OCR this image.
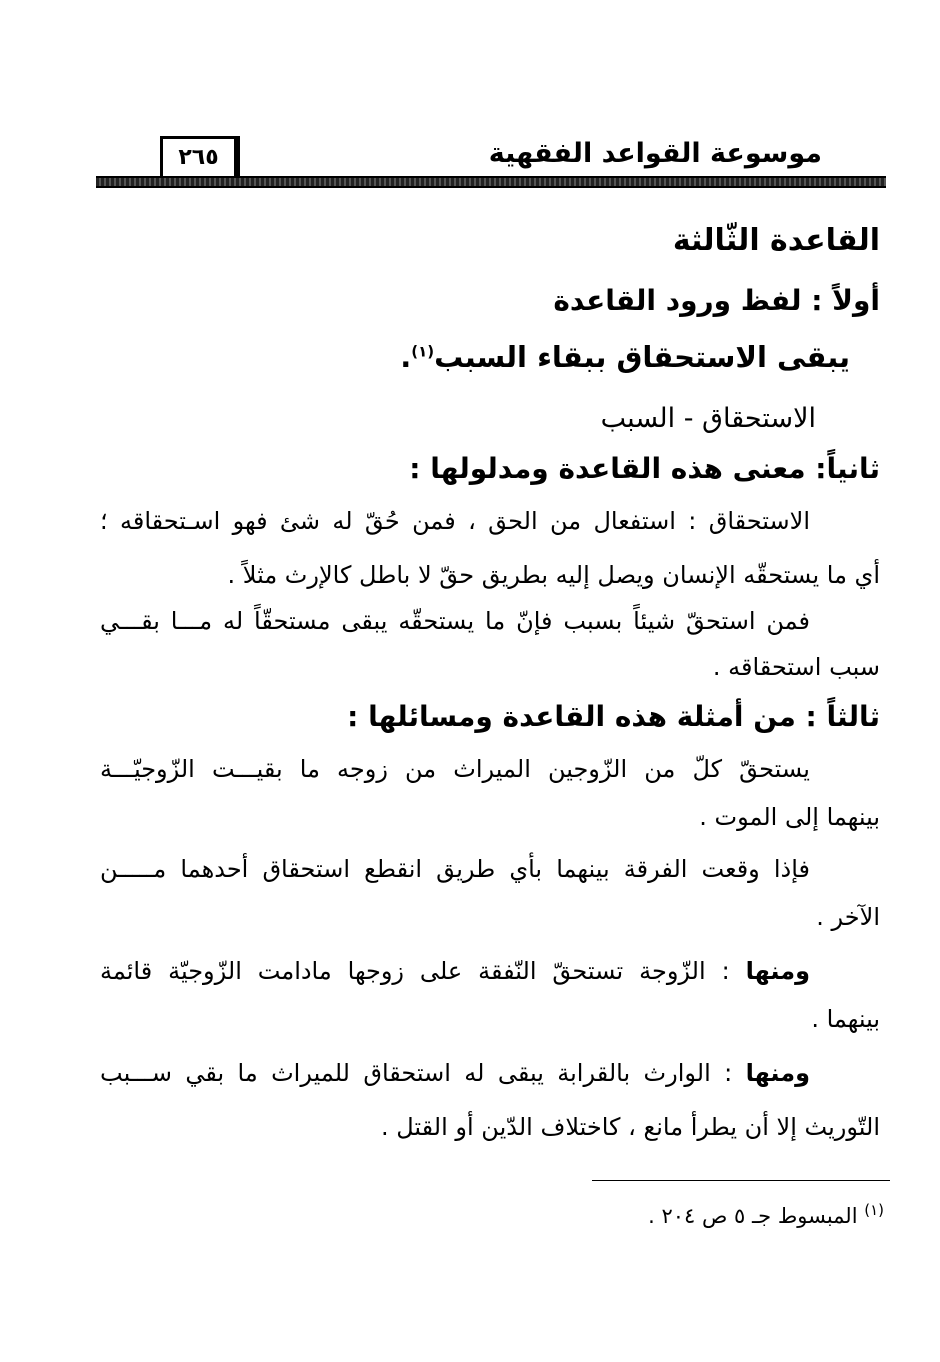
موسوعة القواعد الفقهية
٢٦٥
القاعدة الثّالثة
أولاً : لفظ ورود القاعدة
يبقى الاستحقاق ببقاء السبب$^{(١)}$.
الاستحقاق - السبب
ثانياً: معنى هذه القاعدة ومدلولها :
الاستحقاق : استفعال من الحق ، فمن حُقّ له شئ فهو اسـتحقاقه ؛
أي ما يستحقّه الإنسان ويصل إليه بطريق حقّ لا باطل كالإرث مثلاً .
فمن استحقّ شيئاً بسبب فإنّ ما يستحقّه يبقى مستحقّاً له مـــا بقـــي
سبب استحقاقه .
ثالثاً : من أمثلة هذه القاعدة ومسائلها :
يستحقّ كلّ من الزّوجين الميراث من زوجه ما بقيـــت الزّوجيّـــة
بينهما إلى الموت .
فإذا وقعت الفرقة بينهما بأي طريق انقطع استحقاق أحدهما مـــــن
الآخر .
ومنها : الزّوجة تستحقّ النّفقة على زوجها مادامت الزّوجيّة قائمة
بينهما .
ومنها : الوارث بالقرابة يبقى له استحقاق للميراث ما بقي ســـبب
التّوريث إلا أن يطرأ مانع ، كاختلاف الدّين أو القتل .
$^{(١)}$ المبسوط جـ ٥ ص ٢٠٤ .
